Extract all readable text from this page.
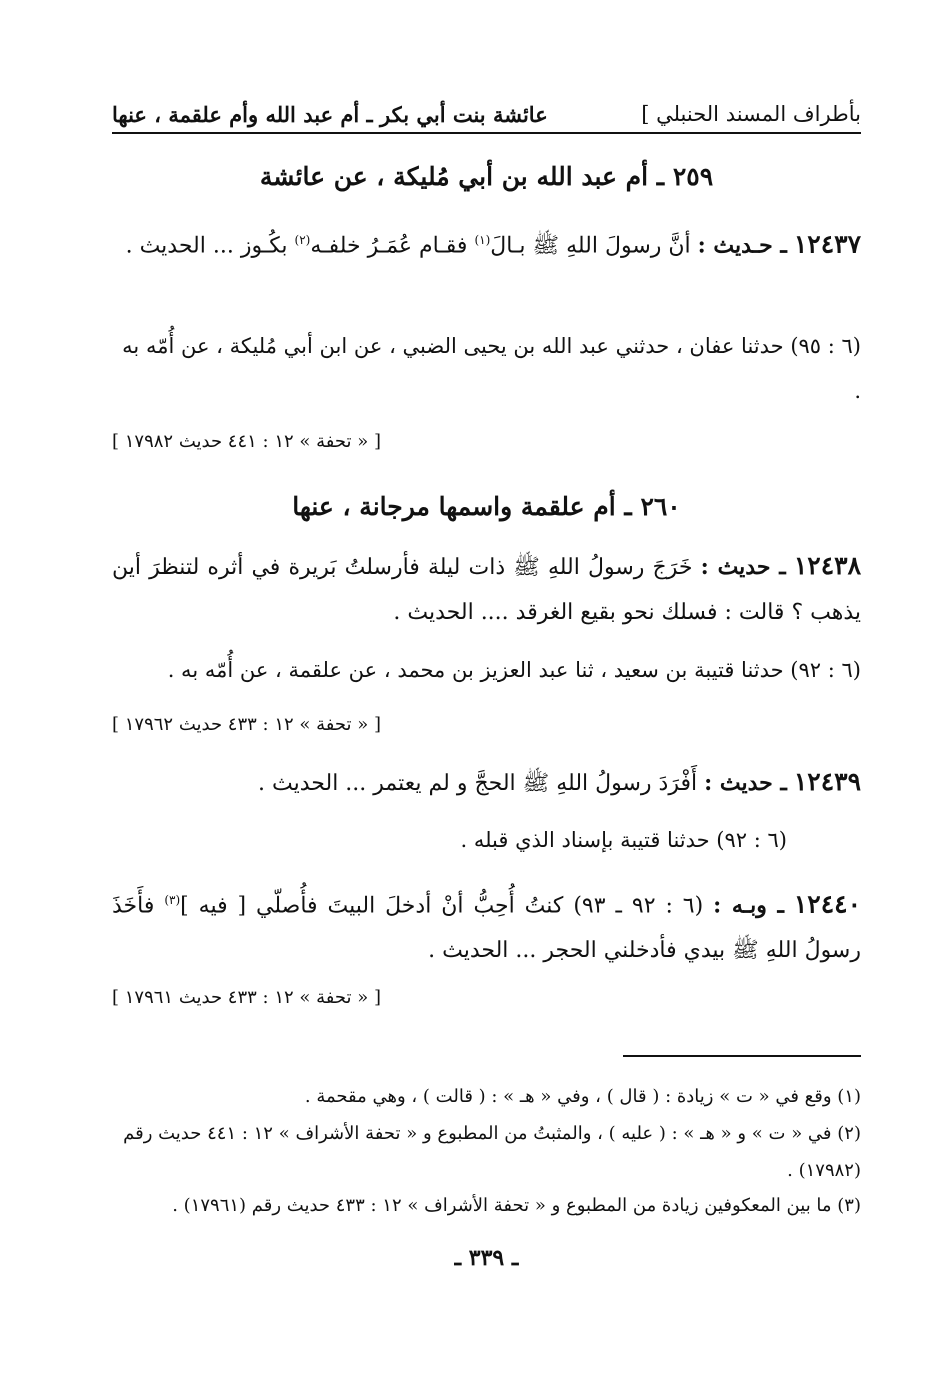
بأطراف المسند الحنبلي ]
عائشة بنت أبي بكر ـ أم عبد الله وأم علقمة ، عنها
٢٥٩ ـ أم عبد الله بن أبي مُليكة ، عن عائشة
١٢٤٣٧ ـ حـديث : أنَّ رسولَ اللهِ ﷺ بـالَ$^{(١)}$ فقـام عُمَـرُ خلفـه$^{(٢)}$ بكُـوز ... الحديث .
(٦ : ٩٥) حدثنا عفان ، حدثني عبد الله بن يحيى الضبي ، عن ابن أبي مُليكة ، عن أُمّه به .
[ « تحفة » ١٢ : ٤٤١ حديث ١٧٩٨٢ ]
٢٦٠ ـ أم علقمة واسمها مرجانة ، عنها
١٢٤٣٨ ـ حديث : خَرَجَ رسولُ اللهِ ﷺ ذات ليلة فأرسلتُ بَريرة في أثره لتنظرَ أين يذهب ؟ قالت : فسلك نحو بقيع الغرقد .... الحديث .
(٦ : ٩٢) حدثنا قتيبة بن سعيد ، ثنا عبد العزيز بن محمد ، عن علقمة ، عن أُمّه به .
[ « تحفة » ١٢ : ٤٣٣ حديث ١٧٩٦٢ ]
١٢٤٣٩ ـ حديث : أَفْرَدَ رسولُ اللهِ ﷺ الحجَّ و لم يعتمر ... الحديث .
(٦ : ٩٢) حدثنا قتيبة بإسناد الذي قبله .
١٢٤٤٠ ـ وبـه : (٦ : ٩٢ ـ ٩٣) كنتُ أُحِبُّ أنْ أدخلَ البيتَ فأُصلّي [ فيه ]$^{(٣)}$ فأَخَذَ رسولُ اللهِ ﷺ بيدي فأدخلني الحجر ... الحديث .
[ « تحفة » ١٢ : ٤٣٣ حديث ١٧٩٦١ ]
(١) وقع في « ت » زيادة : ( قال ) ، وفي « هـ » : ( قالت ) ، وهي مقحمة .
(٢) في « ت » و « هـ » : ( عليه ) ، والمثبتُ من المطبوع و « تحفة الأشراف » ١٢ : ٤٤١ حديث رقم (١٧٩٨٢) .
(٣) ما بين المعكوفين زيادة من المطبوع و « تحفة الأشراف » ١٢ : ٤٣٣ حديث رقم (١٧٩٦١) .
ـ ٣٣٩ ـ
